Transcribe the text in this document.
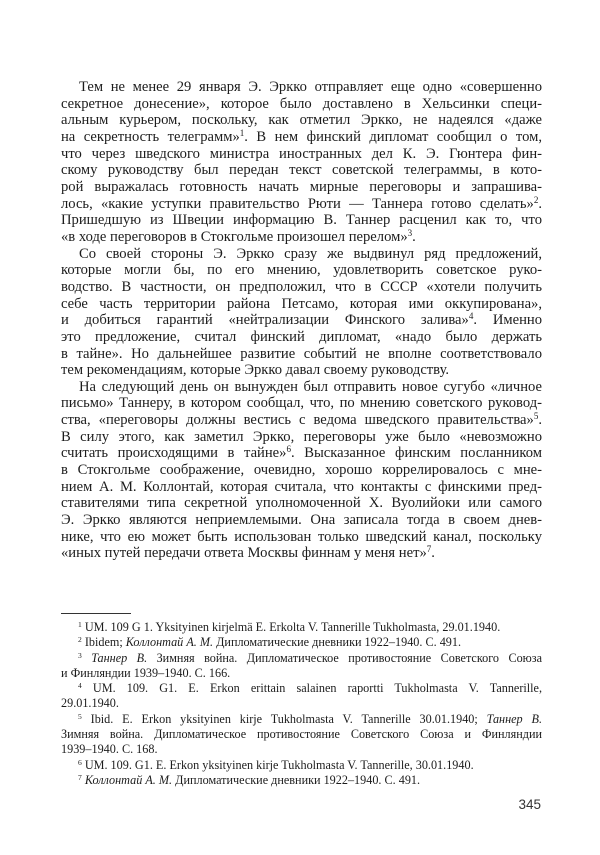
Тем не менее 29 января Э. Эркко отправляет еще одно «совершенно
секретное донесение», которое было доставлено в Хельсинки специ-
альным курьером, поскольку, как отметил Эркко, не надеялся «даже
на секретность телеграмм»$^1$. В нем финский дипломат сообщил о том,
что через шведского министра иностранных дел К. Э. Гюнтера фин-
скому руководству был передан текст советской телеграммы, в кото-
рой выражалась готовность начать мирные переговоры и запрашива-
лось, «какие уступки правительство Рюти — Таннера готово сделать»$^2$.
Пришедшую из Швеции информацию В. Таннер расценил как то, что
«в ходе переговоров в Стокгольме произошел перелом»$^3$.
Со своей стороны Э. Эркко сразу же выдвинул ряд предложений,
которые могли бы, по его мнению, удовлетворить советское руко-
водство. В частности, он предположил, что в СССР «хотели получить
себе часть территории района Петсамо, которая ими оккупирована»,
и добиться гарантий «нейтрализации Финского залива»$^4$. Именно
это предложение, считал финский дипломат, «надо было держать
в тайне». Но дальнейшее развитие событий не вполне соответствовало
тем рекомендациям, которые Эркко давал своему руководству.
На следующий день он вынужден был отправить новое сугубо «личное
письмо» Таннеру, в котором сообщал, что, по мнению советского руковод-
ства, «переговоры должны вестись с ведома шведского правительства»$^5$.
В силу этого, как заметил Эркко, переговоры уже было «невозможно
считать происходящими в тайне»$^6$. Высказанное финским посланником
в Стокгольме соображение, очевидно, хорошо коррелировалось с мне-
нием А. М. Коллонтай, которая считала, что контакты с финскими пред-
ставителями типа секретной уполномоченной Х. Вуолийоки или самого
Э. Эркко являются неприемлемыми. Она записала тогда в своем днев-
нике, что ею может быть использован только шведский канал, поскольку
«иных путей передачи ответа Москвы финнам у меня нет»$^7$.
$^1$ UM. 109 G 1. Yksityinen kirjelmä E. Erkolta V. Tannerille Tukholmasta, 29.01.1940.
$^2$ Ibidem; Коллонтай А. М. Дипломатические дневники 1922–1940. С. 491.
$^3$ Таннер В. Зимняя война. Дипломатическое противостояние Советского Союза
и Финляндии 1939–1940. С. 166.
$^4$ UM. 109. G1. E. Erkon erittain salainen raportti Tukholmasta V. Tannerille,
29.01.1940.
$^5$ Ibid. E. Erkon yksityinen kirje Tukholmasta V. Tannerille 30.01.1940; Таннер В.
Зимняя война. Дипломатическое противостояние Советского Союза и Финляндии
1939–1940. С. 168.
$^6$ UM. 109. G1. E. Erkon yksityinen kirje Tukholmasta V. Tannerille, 30.01.1940.
$^7$ Коллонтай А. М. Дипломатические дневники 1922–1940. С. 491.
345
